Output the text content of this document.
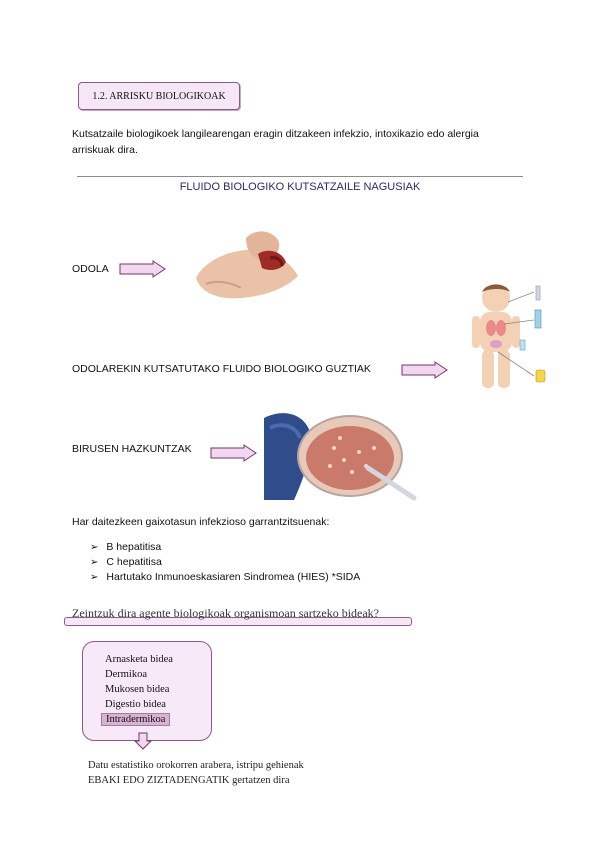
1.2. ARRISKU BIOLOGIKOAK
Kutsatzaile biologikoek langilearengan eragin ditzakeen infekzio, intoxikazio edo alergia arriskuak dira.
FLUIDO BIOLOGIKO KUTSATZAILE NAGUSIAK
ODOLA
ODOLAREKIN KUTSATUTAKO FLUIDO BIOLOGIKO GUZTIAK
BIRUSEN HAZKUNTZAK
Har daitezkeen gaixotasun infekzioso garrantzitsuenak:
➢ B hepatitisa
➢ C hepatitisa
➢ Hartutako Inmunoeskasiaren Sindromea (HIES) *SIDA
Zeintzuk dira agente biologikoak organismoan sartzeko bideak?
Arnasketa bidea
Dermikoa
Mukosen bidea
Digestio bidea
Intradermikoa
Datu estatistiko orokorren arabera, istripu gehienak
EBAKI EDO ZIZTADENGATIK gertatzen dira
